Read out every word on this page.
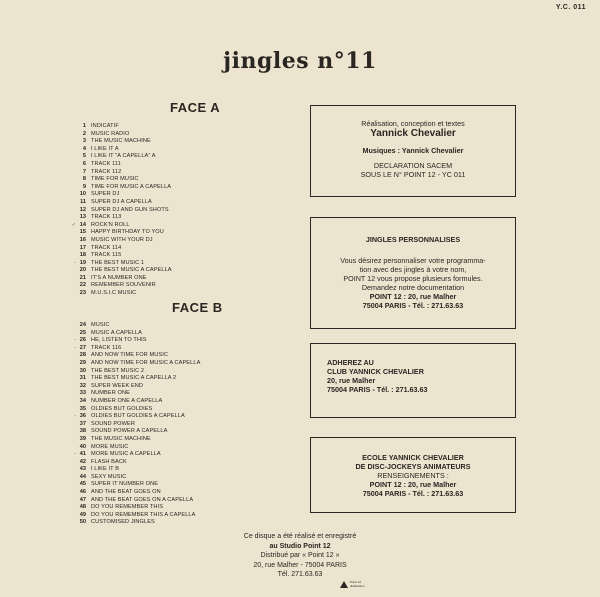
Y.C. 011
jingles n°11
FACE A
1 INDICATIF
2 MUSIC RADIO
3 THE MUSIC MACHINE
4 I LIKE IT A
5 I LIKE IT "A CAPELLA" A
6 TRACK 111
7 TRACK 112
8 TIME FOR MUSIC
9 TIME FOR MUSIC A CAPELLA
10 SUPER DJ
11 SUPER DJ A CAPELLA
12 SUPER DJ AND GUN SHOTS
13 TRACK 113
✓ 14 ROCK'N ROLL
15 HAPPY BIRTHDAY TO YOU
16 MUSIC WITH YOUR DJ
17 TRACK 114
18 TRACK 115
- 19 THE BEST MUSIC 1
20 THE BEST MUSIC A CAPELLA
21 IT'S A NUMBER ONE
22 REMEMBER SOUVENIR
23 M.U.S.I.C MUSIC
FACE B
24 MUSIC
25 MUSIC A CAPELLA
- 26 HE, LISTEN TO THIS
- 27 TRACK 116
28 AND NOW TIME FOR MUSIC
29 AND NOW TIME FOR MUSIC A CAPELLA
30 THE BEST MUSIC 2
31 THE BEST MUSIC A CAPELLA 2
32 SUPER WEEK END
33 NUMBER ONE
34 NUMBER ONE A CAPELLA
35 OLDIES BUT GOLDIES
- 36 OLDIES BUT GOLDIES A CAPELLA
37 SOUND POWER
38 SOUND POWER A CAPELLA
39 THE MUSIC MACHINE
40 MORE MUSIC
- 41 MORE MUSIC A CAPELLA
42 FLASH BACK
43 I LIKE IT B
44 SEXY MUSIC
45 SUPER IT NUMBER ONE
46 AND THE BEAT GOES ON
47 AND THE BEAT GOES ON A CAPELLA
48 DO YOU REMEMBER THIS
49 DO YOU REMEMBER THIS A CAPELLA
50 CUSTOMISED JINGLES

Réalisation, conception et textes

Yannick Chevalier

Musiques : Yannick Chevalier

DECLARATION SACEM

SOUS LE N° POINT 12 - YC 011

JINGLES PERSONNALISES

Vous désirez personnaliser votre programma-

tion avec des jingles à votre nom,

POINT 12 vous propose plusieurs formules.

Demandez notre documentation

POINT 12 : 20, rue Malher

75004 PARIS - Tél. : 271.63.63

ADHEREZ AU

CLUB YANNICK CHEVALIER

20, rue Malher

75004 PARIS - Tél. : 271.63.63

ECOLE YANNICK CHEVALIER

DE DISC-JOCKEYS ANIMATEURS

RENSEIGNEMENTS :

POINT 12 : 20, rue Malher

75004 PARIS - Tél. : 271.63.63

Ce disque a été réalisé et enregistré

au Studio Point 12

Distribué par « Point 12 »

20, rue Malher - 75004 PARIS

Tél. 271.63.63

Point 12 distribution
